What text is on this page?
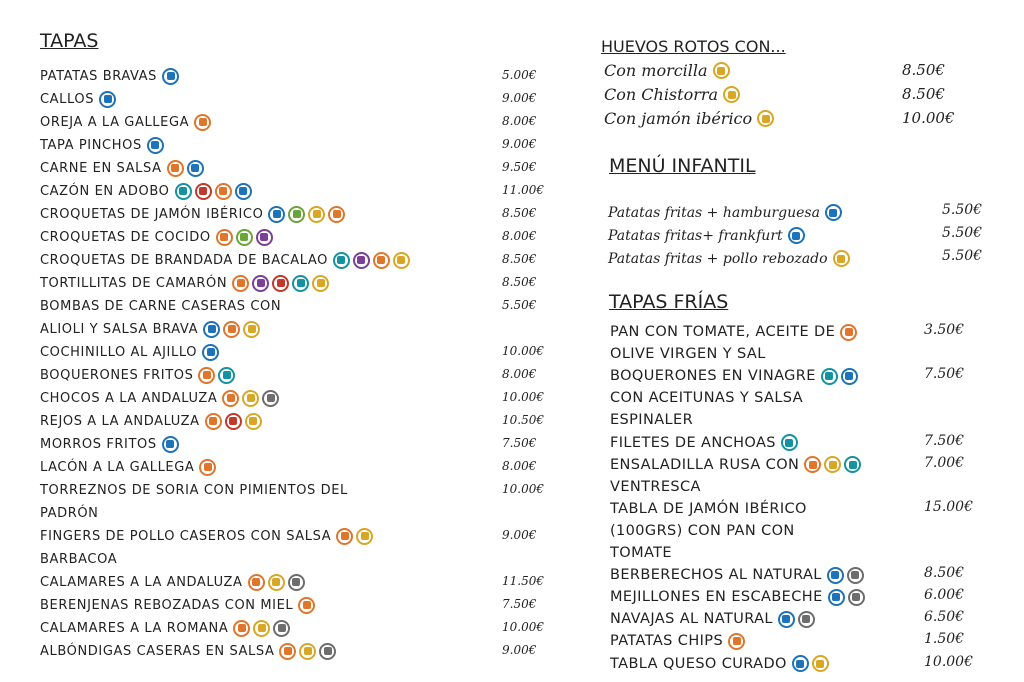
TAPAS	HUEVOS ROTOS CON...
MENÚ INFANTIL
TAPAS FRÍAS
PATATAS BRAVAS	5.00€
CALLOS	9.00€
OREJA A LA GALLEGA	8.00€
TAPA PINCHOS	9.00€
CARNE EN SALSA	9.50€
CAZÓN EN ADOBO	11.00€
CROQUETAS DE JAMÓN IBÉRICO	8.50€
CROQUETAS DE COCIDO	8.00€
CROQUETAS DE BRANDADA DE BACALAO	8.50€
TORTILLITAS DE CAMARÓN	8.50€
BOMBAS DE CARNE CASERAS CON	5.50€
ALIOLI Y SALSA BRAVA
COCHINILLO AL AJILLO	10.00€
BOQUERONES FRITOS	8.00€
CHOCOS A LA ANDALUZA	10.00€
REJOS A LA ANDALUZA	10.50€
MORROS FRITOS	7.50€
LACÓN A LA GALLEGA	8.00€
TORREZNOS DE SORIA CON PIMIENTOS DEL	10.00€
PADRÓN
FINGERS DE POLLO CASEROS CON SALSA	9.00€
BARBACOA
CALAMARES A LA ANDALUZA	11.50€
BERENJENAS REBOZADAS CON MIEL	7.50€
CALAMARES A LA ROMANA	10.00€
ALBÓNDIGAS CASERAS EN SALSA	9.00€
Con morcilla	8.50€
Con Chistorra	8.50€
Con jamón ibérico	10.00€
Patatas fritas + hamburguesa	5.50€
Patatas fritas+ frankfurt	5.50€
Patatas fritas + pollo rebozado	5.50€
PAN CON TOMATE, ACEITE DE	3.50€
OLIVE VIRGEN Y SAL
BOQUERONES EN VINAGRE	7.50€
CON ACEITUNAS Y SALSA
ESPINALER
FILETES DE ANCHOAS	7.50€
ENSALADILLA RUSA CON	7.00€
VENTRESCA
TABLA DE JAMÓN IBÉRICO	15.00€
(100GRS) CON PAN CON
TOMATE
BERBERECHOS AL NATURAL	8.50€
MEJILLONES EN ESCABECHE	6.00€
NAVAJAS AL NATURAL	6.50€
PATATAS CHIPS	1.50€
TABLA QUESO CURADO	10.00€
